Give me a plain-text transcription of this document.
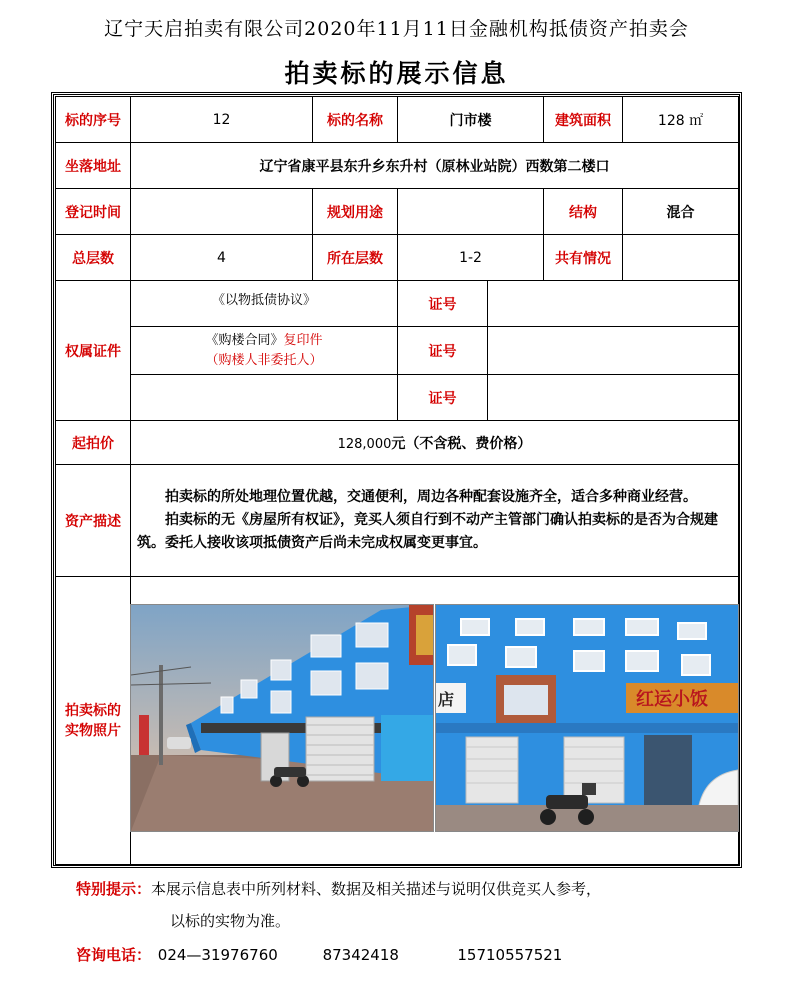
辽宁天启拍卖有限公司2020年11月11日金融机构抵债资产拍卖会
拍卖标的展示信息
标的序号	12	标的名称	门市楼		建筑面积	128 ㎡
坐落地址	辽宁省康平县东升乡东升村（原林业站院）西数第二楼口					
登记时间		规划用途			结构	混合
总层数	4	所在层数	1-2		共有情况	
权属证件	《以物抵债协议》		证号			
	《购楼合同》复印件
（购楼人非委托人）		证号			
			证号			
起拍价	128,000元（不含税、费价格）					
资产描述	拍卖标的所处地理位置优越，交通便利，周边各种配套设施齐全，适合多种商业经营。

拍卖标的无《房屋所有权证》，竞买人须自行到不动产主管部门确认拍卖标的是否为合规建筑。委托人接收该项抵债资产后尚未完成权属变更事宜。					

拍卖标的
实物照片						
红运小饭
店
特别提示：本展示信息表中所列材料、数据及相关描述与说明仅供竞买人参考，
以标的实物为准。
咨询电话： 024—31976760	87342418	15710557521
